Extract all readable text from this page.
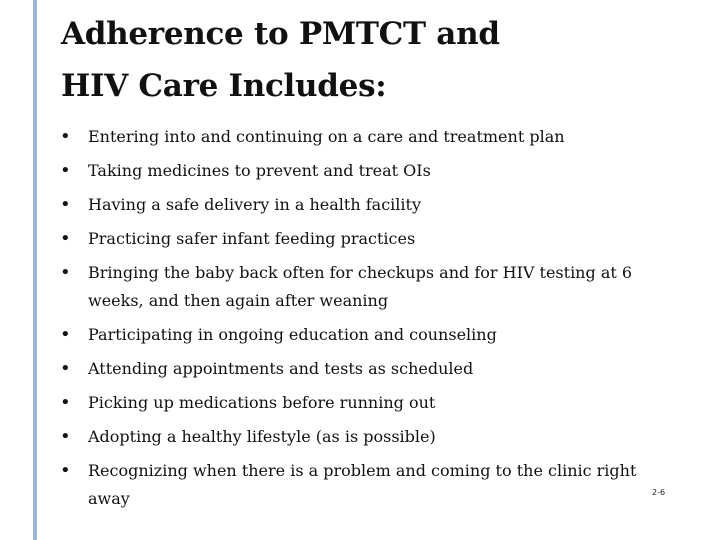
Adherence to PMTCT and
HIV Care Includes:
• Entering into and continuing on a care and treatment plan
• Taking medicines to prevent and treat OIs
• Having a safe delivery in a health facility
• Practicing safer infant feeding practices
• Bringing the baby back often for checkups and for HIV testing at 6 weeks, and then again after weaning
• Participating in ongoing education and counseling
• Attending appointments and tests as scheduled
• Picking up medications before running out
• Adopting a healthy lifestyle (as is possible)
• Recognizing when there is a problem and coming to the clinic right away	2-6
